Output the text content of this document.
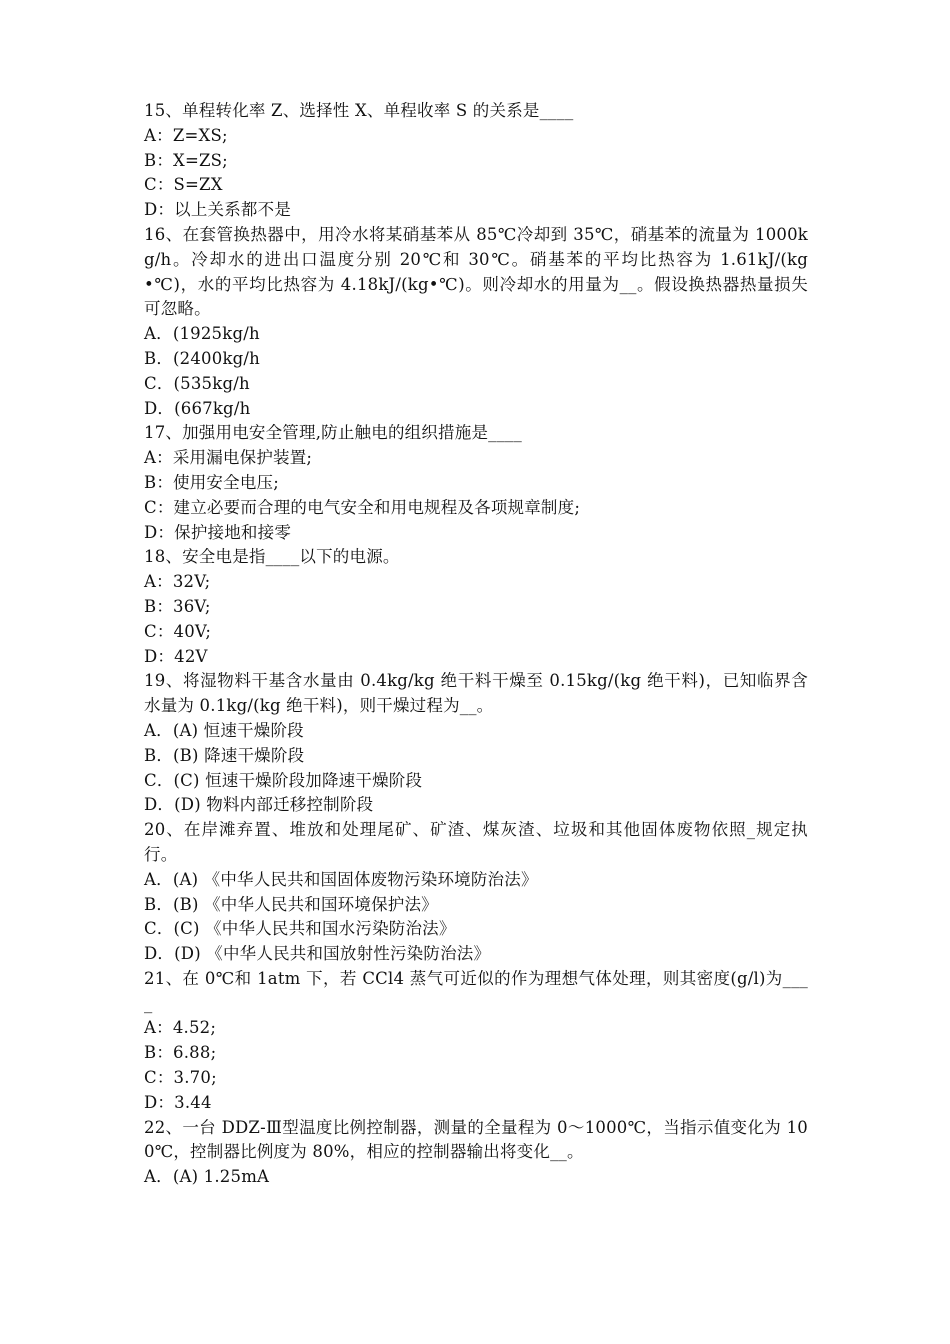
15、单程转化率 Z、选择性 X、单程收率 S 的关系是____
A：Z=XS;
B：X=ZS;
C：S=ZX
D：以上关系都不是
16、在套管换热器中，用冷水将某硝基苯从 85℃冷却到 35℃，硝基苯的流量为 1000kg/h。冷却水的进出口温度分别 20℃和 30℃。硝基苯的平均比热容为 1.61kJ/(kg•℃)，水的平均比热容为 4.18kJ/(kg•℃)。则冷却水的用量为__。假设换热器热量损失可忽略。
A．(1925kg/h
B．(2400kg/h
C．(535kg/h
D．(667kg/h
17、加强用电安全管理,防止触电的组织措施是____
A：采用漏电保护装置;
B：使用安全电压;
C：建立必要而合理的电气安全和用电规程及各项规章制度;
D：保护接地和接零
18、安全电是指____以下的电源。
A：32V;
B：36V;
C：40V;
D：42V
19、将湿物料干基含水量由 0.4kg/kg 绝干料干燥至 0.15kg/(kg 绝干料)，已知临界含水量为 0.1kg/(kg 绝干料)，则干燥过程为__。
A．(A) 恒速干燥阶段
B．(B) 降速干燥阶段
C．(C) 恒速干燥阶段加降速干燥阶段
D．(D) 物料内部迁移控制阶段
20、在岸滩弃置、堆放和处理尾矿、矿渣、煤灰渣、垃圾和其他固体废物依照_规定执行。
A．(A) 《中华人民共和国固体废物污染环境防治法》
B．(B) 《中华人民共和国环境保护法》
C．(C) 《中华人民共和国水污染防治法》
D．(D) 《中华人民共和国放射性污染防治法》
21、在 0℃和 1atm 下，若 CCl4 蒸气可近似的作为理想气体处理，则其密度(g/l)为____
A：4.52;
B：6.88;
C：3.70;
D：3.44
22、一台 DDZ-Ⅲ型温度比例控制器，测量的全量程为 0～1000℃，当指示值变化为 100℃，控制器比例度为 80%，相应的控制器输出将变化__。
A．(A) 1.25mA
